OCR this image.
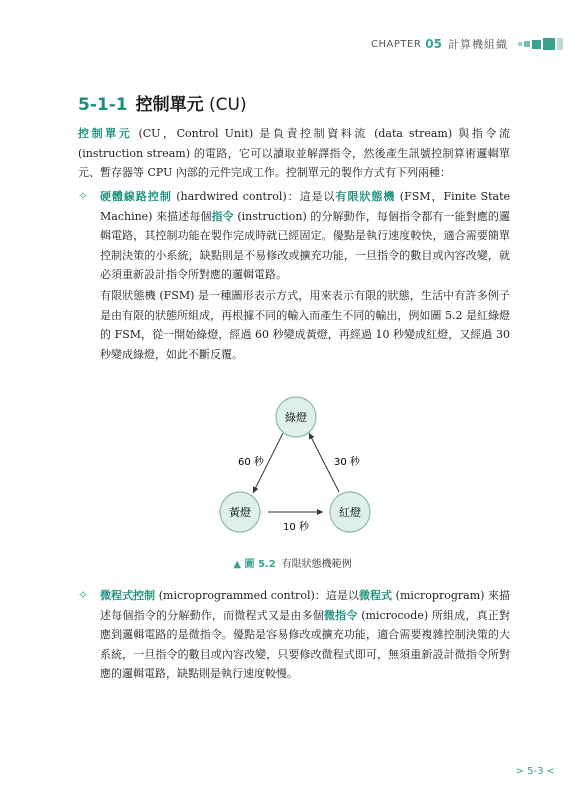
CHAPTER 05 計算機組織
5-1-1 控制單元 (CU)
控制單元 (CU，Control Unit) 是負責控制資料流 (data stream) 與指令流 (instruction stream) 的電路，它可以讀取並解譯指令，然後產生訊號控制算術邏輯單元、暫存器等 CPU 內部的元件完成工作。控制單元的製作方式有下列兩種：
✧	硬體線路控制 (hardwired control)：這是以有限狀態機 (FSM，Finite State Machine) 來描述每個指令 (instruction) 的分解動作，每個指令都有一能對應的邏輯電路，其控制功能在製作完成時就已經固定。優點是執行速度較快，適合需要簡單控制決策的小系統，缺點則是不易修改或擴充功能，一旦指令的數目或內容改變，就必須重新設計指令所對應的邏輯電路。
有限狀態機 (FSM) 是一種圖形表示方式，用來表示有限的狀態，生活中有許多例子是由有限的狀態所組成，再根據不同的輸入而產生不同的輸出，例如圖 5.2 是紅綠燈的 FSM，從一開始綠燈，經過 60 秒變成黃燈，再經過 10 秒變成紅燈，又經過 30 秒變成綠燈，如此不斷反覆。
綠燈
黃燈	紅燈
60 秒	30 秒
10 秒
▲ 圖 5.2 有限狀態機範例
✧	微程式控制 (microprogrammed control)：這是以微程式 (microprogram) 來描述每個指令的分解動作，而微程式又是由多個微指令 (microcode) 所組成，真正對應到邏輯電路的是微指令。優點是容易修改或擴充功能，適合需要複雜控制決策的大系統，一旦指令的數目或內容改變，只要修改微程式即可，無須重新設計微指令所對應的邏輯電路，缺點則是執行速度較慢。
> 5-3 <
